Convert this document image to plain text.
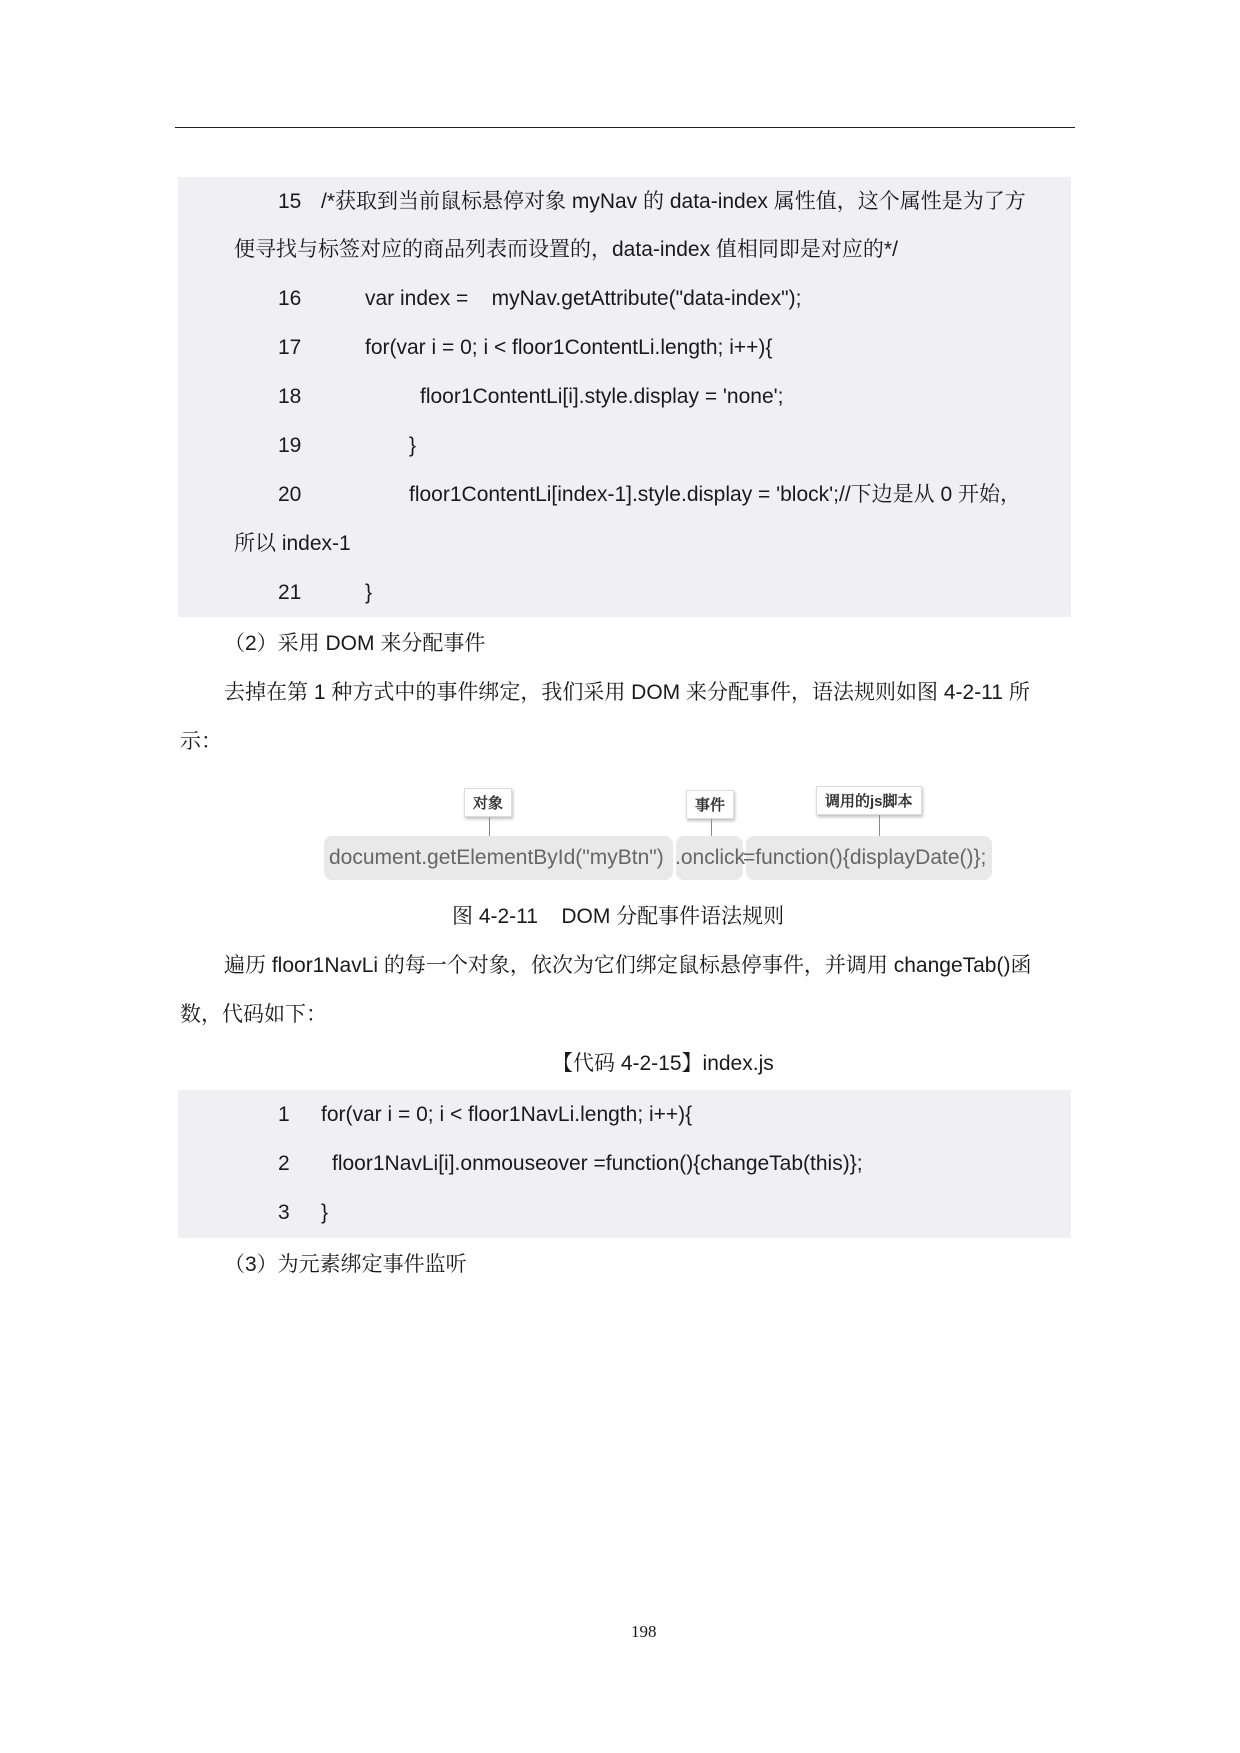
15 /*获取到当前鼠标悬停对象 myNav 的 data-index 属性值，这个属性是为了方
便寻找与标签对应的商品列表而设置的，data-index 值相同即是对应的*/
16	var index =    myNav.getAttribute("data-index");
17	for(var i = 0; i < floor1ContentLi.length; i++){
18	floor1ContentLi[i].style.display = 'none';
19	}
20	floor1ContentLi[index-1].style.display = 'block';//下边是从 0 开始，
所以 index-1
21	}
（2）采用 DOM 来分配事件
去掉在第 1 种方式中的事件绑定，我们采用 DOM 来分配事件，语法规则如图 4-2-11 所
示：
对象	事件	调用的js脚本
document.getElementById("myBtn") .onclick
=function(){displayDate()};
图 4-2-11    DOM 分配事件语法规则
遍历 floor1NavLi 的每一个对象，依次为它们绑定鼠标悬停事件，并调用 changeTab()函
数，代码如下：
【代码 4-2-15】index.js
1 for(var i = 0; i < floor1NavLi.length; i++){
2 floor1NavLi[i].onmouseover =function(){changeTab(this)};
3 }
（3）为元素绑定事件监听
198
